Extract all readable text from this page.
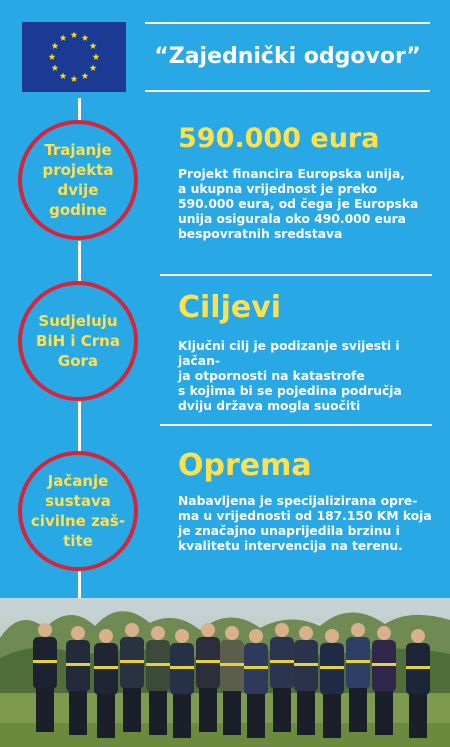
“Zajednički odgovor”
Trajanje
projekta
dvije
godine
590.000 eura
Projekt financira Europska unija,
a ukupna vrijednost je preko
590.000 eura, od čega je Europska
unija osigurala oko 490.000 eura
bespovratnih sredstava
Sudjeluju
BiH i Crna
Gora
Ciljevi
Ključni cilj je podizanje svijesti i jačan-
ja otpornosti na katastrofe
s kojima bi se pojedina područja
dviju država mogla suočiti
Jačanje
sustava
civilne zaš-
tite
Oprema
Nabavljena je specijalizirana opre-
ma u vrijednosti od 187.150 KM koja
je značajno unaprijedila brzinu i
kvalitetu intervencija na terenu.
